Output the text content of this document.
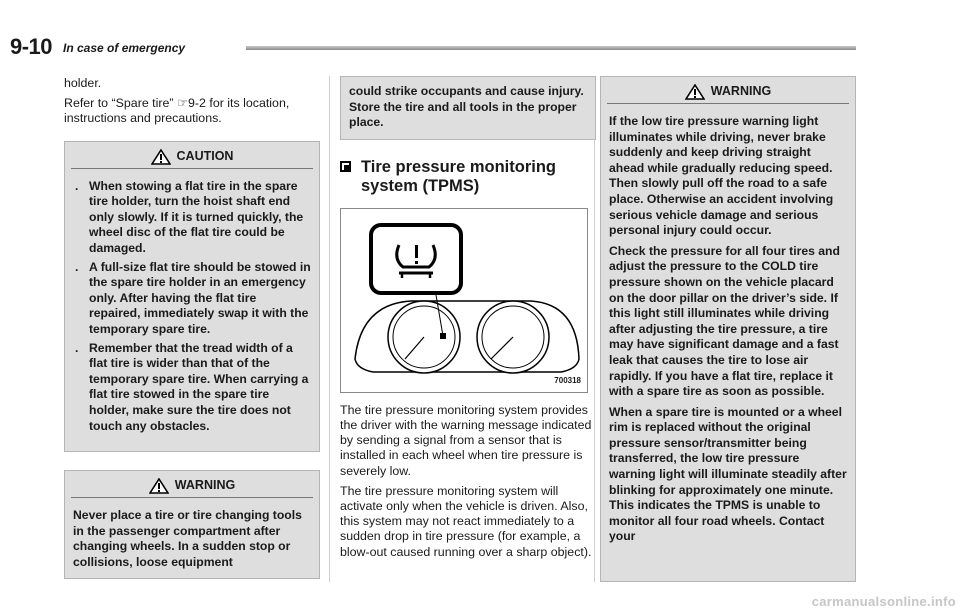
9-10 In case of emergency

holder.

Refer to “Spare tire” ☞9-2 for its location, instructions and precautions.

CAUTION
. When stowing a flat tire in the spare tire holder, turn the hoist shaft end only slowly. If it is turned quickly, the wheel disc of the flat tire could be damaged.
. A full-size flat tire should be stowed in the spare tire holder in an emergency only. After having the flat tire repaired, immediately swap it with the temporary spare tire.
. Remember that the tread width of a flat tire is wider than that of the temporary spare tire. When carrying a flat tire stowed in the spare tire holder, make sure the tire does not touch any obstacles.
WARNING
Never place a tire or tire changing tools in the passenger compartment after changing wheels. In a sudden stop or collisions, loose equipment
could strike occupants and cause injury. Store the tire and all tools in the proper place.
Tire pressure monitoring system (TPMS)
700318

The tire pressure monitoring system provides the driver with the warning message indicated by sending a signal from a sensor that is installed in each wheel when tire pressure is severely low.

The tire pressure monitoring system will activate only when the vehicle is driven. Also, this system may not react immediately to a sudden drop in tire pressure (for example, a blow-out caused running over a sharp object).

WARNING

If the low tire pressure warning light illuminates while driving, never brake suddenly and keep driving straight ahead while gradually reducing speed. Then slowly pull off the road to a safe place. Otherwise an accident involving serious vehicle damage and serious personal injury could occur.

Check the pressure for all four tires and adjust the pressure to the COLD tire pressure shown on the vehicle placard on the door pillar on the driver’s side. If this light still illuminates while driving after adjusting the tire pressure, a tire may have significant damage and a fast leak that causes the tire to lose air rapidly. If you have a flat tire, replace it with a spare tire as soon as possible.

When a spare tire is mounted or a wheel rim is replaced without the original pressure sensor/transmitter being transferred, the low tire pressure warning light will illuminate steadily after blinking for approximately one minute. This indicates the TPMS is unable to monitor all four road wheels. Contact your

carmanualsonline.info
